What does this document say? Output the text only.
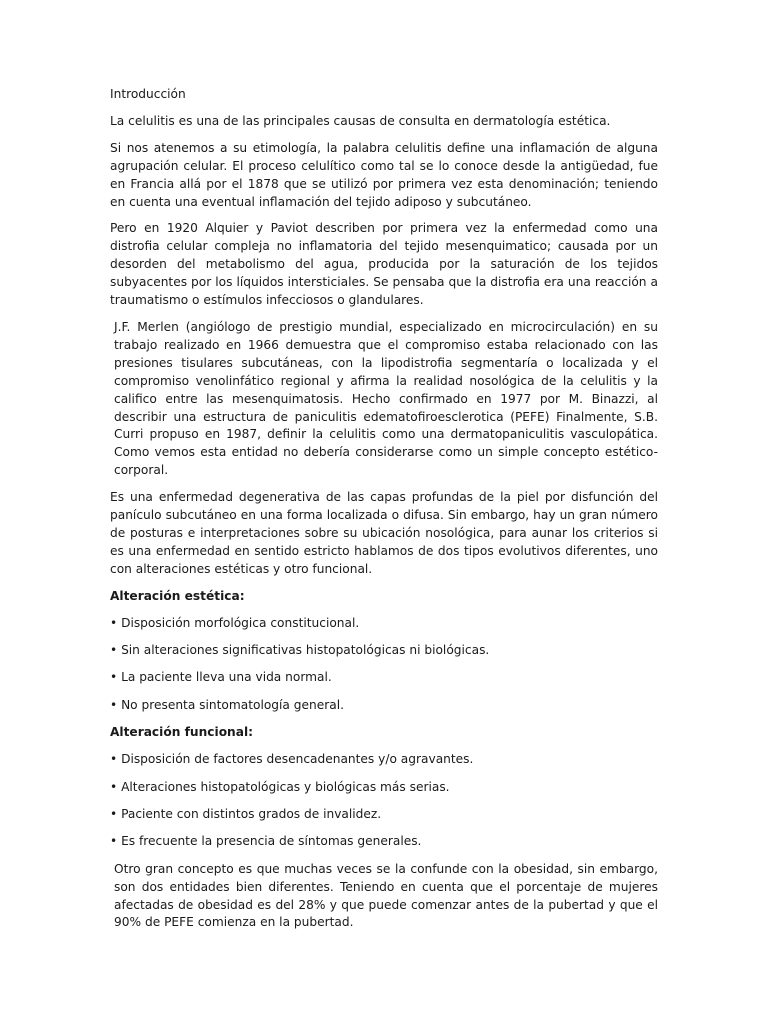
Introducción

La celulitis es una de las principales causas de consulta en dermatología estética.

Si nos atenemos a su etimología, la palabra celulitis define una inflamación de alguna agrupación celular. El proceso celulítico como tal se lo conoce desde la antigüedad, fue en Francia allá por el 1878 que se utilizó por primera vez esta denominación; teniendo en cuenta una eventual inflamación del tejido adiposo y subcutáneo.

Pero en 1920 Alquier y Paviot describen por primera vez la enfermedad como una distrofia celular compleja no inflamatoria del tejido mesenquimatico; causada por un desorden del metabolismo del agua, producida por la saturación de los tejidos subyacentes por los líquidos intersticiales. Se pensaba que la distrofia era una reacción a traumatismo o estímulos infecciosos o glandulares.

J.F. Merlen (angiólogo de prestigio mundial, especializado en microcirculación) en su trabajo realizado en 1966 demuestra que el compromiso estaba relacionado con las presiones tisulares subcutáneas, con la lipodistrofia segmentaría o localizada y el compromiso venolinfático regional y afirma la realidad nosológica de la celulitis y la califico entre las mesenquimatosis. Hecho confirmado en 1977 por M. Binazzi, al describir una estructura de paniculitis edematofiroesclerotica (PEFE) Finalmente, S.B. Curri propuso en 1987, definir la celulitis como una dermatopaniculitis vasculopática. Como vemos esta entidad no debería considerarse como un simple concepto estético-corporal.

Es una enfermedad degenerativa de las capas profundas de la piel por disfunción del panículo subcutáneo en una forma localizada o difusa. Sin embargo, hay un gran número de posturas e interpretaciones sobre su ubicación nosológica, para aunar los criterios si es una enfermedad en sentido estricto hablamos de dos tipos evolutivos diferentes, uno con alteraciones estéticas y otro funcional.

Alteración estética:

• Disposición morfológica constitucional.

• Sin alteraciones significativas histopatológicas ni biológicas.

• La paciente lleva una vida normal.

• No presenta sintomatología general.

Alteración funcional:

• Disposición de factores desencadenantes y/o agravantes.

• Alteraciones histopatológicas y biológicas más serias.

• Paciente con distintos grados de invalidez.

• Es frecuente la presencia de síntomas generales.

Otro gran concepto es que muchas veces se la confunde con la obesidad, sin embargo, son dos entidades bien diferentes. Teniendo en cuenta que el porcentaje de mujeres afectadas de obesidad es del 28% y que puede comenzar antes de la pubertad y que el 90% de PEFE comienza en la pubertad.
